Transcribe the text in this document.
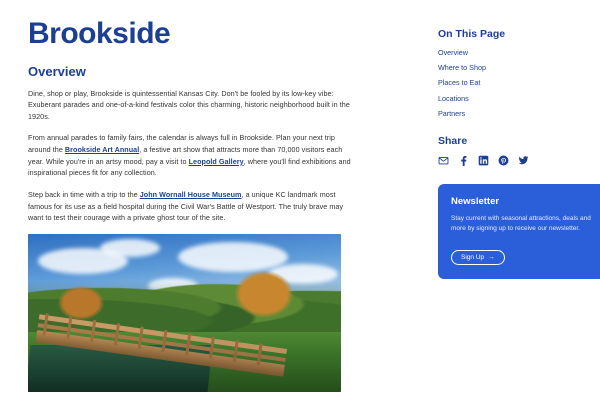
Brookside
Overview

Dine, shop or play, Brookside is quintessential Kansas City. Don't be fooled by its low-key vibe: Exuberant parades and one-of-a-kind festivals color this charming, historic neighborhood built in the 1920s.

From annual parades to family fairs, the calendar is always full in Brookside. Plan your next trip around the Brookside Art Annual, a festive art show that attracts more than 70,000 visitors each year. While you're in an artsy mood, pay a visit to Leopold Gallery, where you'll find exhibitions and inspirational pieces fit for any collection.

Step back in time with a trip to the John Wornall House Museum, a unique KC landmark most famous for its use as a field hospital during the Civil War's Battle of Westport. The truly brave may want to test their courage with a private ghost tour of the site.

On This Page
Overview
Where to Shop
Places to Eat
Locations
Partners
Share
Newsletter
Stay current with seasonal attractions, deals and more by signing up to receive our newsletter.
Sign Up →
